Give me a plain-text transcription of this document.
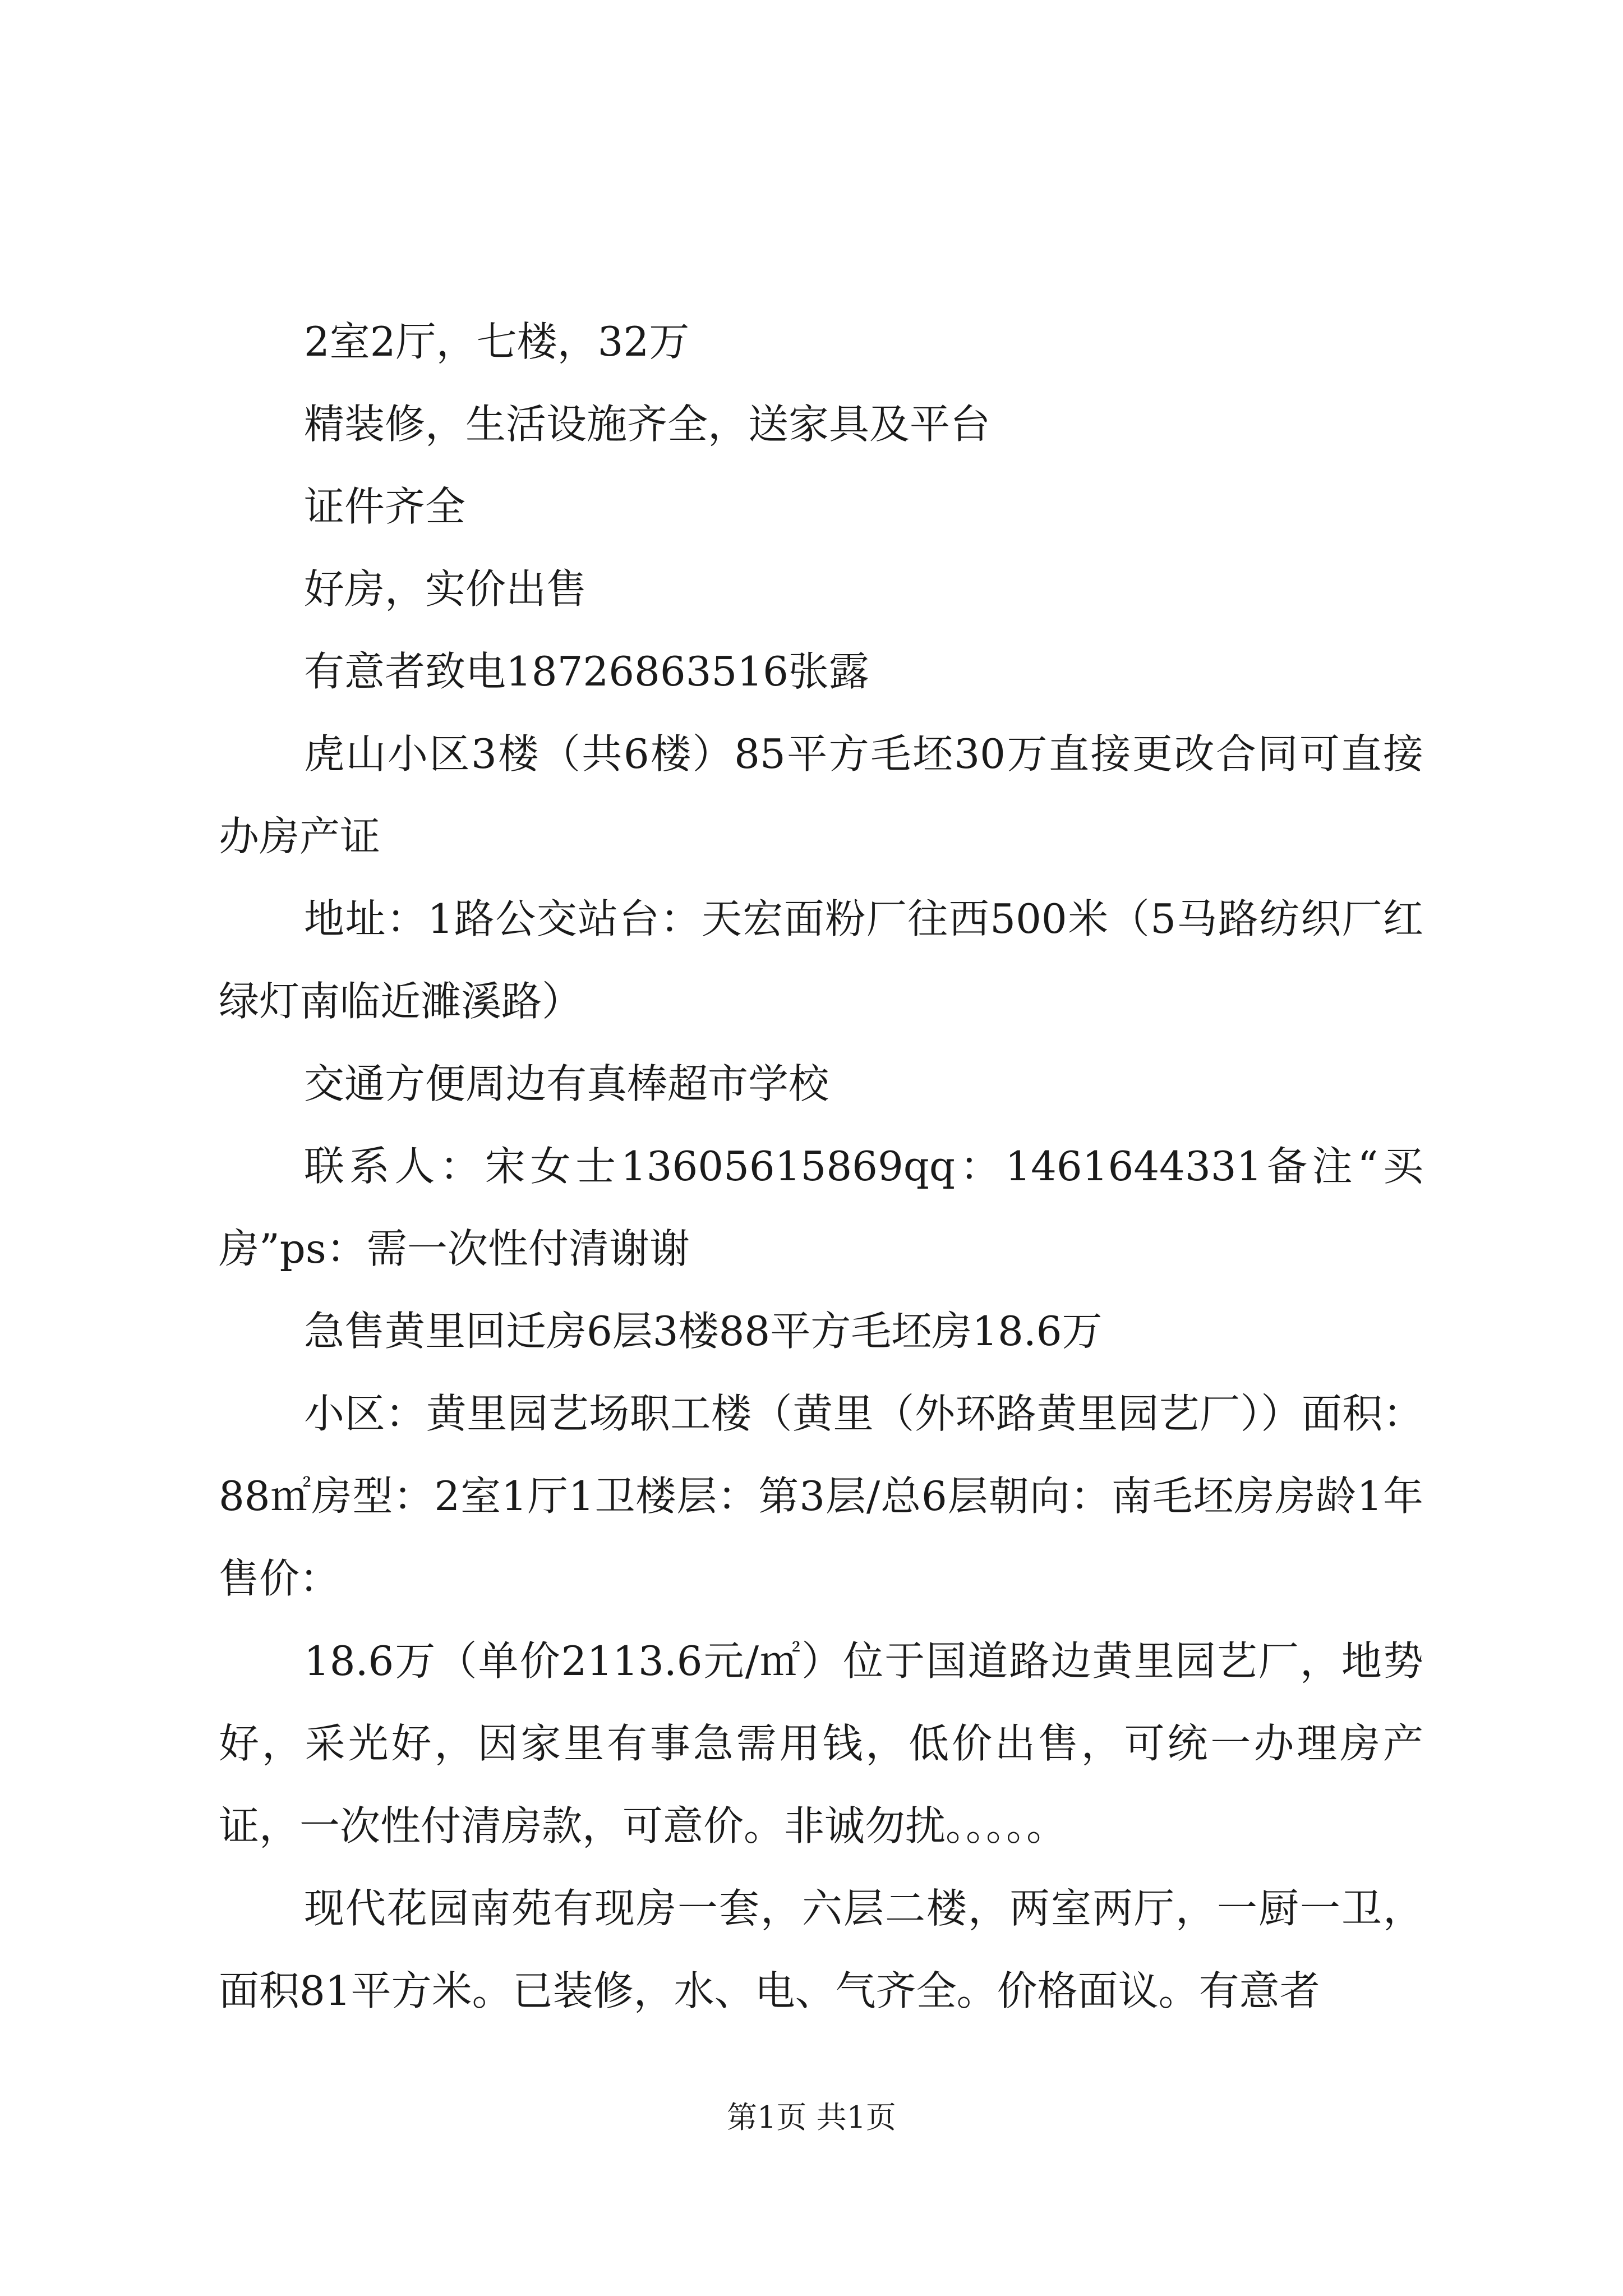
2室2厅，七楼，32万

精装修，生活设施齐全，送家具及平台

证件齐全

好房，实价出售

有意者致电18726863516张露

虎山小区3楼（共6楼）85平方毛坯30万直接更改合同可直接办房产证

地址：1路公交站台：天宏面粉厂往西500米（5马路纺织厂红绿灯南临近濉溪路）

交通方便周边有真棒超市学校

联系人：宋女士13605615869qq：1461644331备注“买房”ps：需一次性付清谢谢

急售黄里回迁房6层3楼88平方毛坯房18.6万

小区：黄里园艺场职工楼（黄里（外环路黄里园艺厂））面积：88㎡房型：2室1厅1卫楼层：第3层/总6层朝向：南毛坯房房龄1年售价：

18.6万（单价2113.6元/㎡）位于国道路边黄里园艺厂，地势好，采光好，因家里有事急需用钱，低价出售，可统一办理房产证，一次性付清房款，可意价。非诚勿扰。。。。。

现代花园南苑有现房一套，六层二楼，两室两厅，一厨一卫，面积81平方米。已装修，水、电、气齐全。价格面议。有意者

第1页 共1页
